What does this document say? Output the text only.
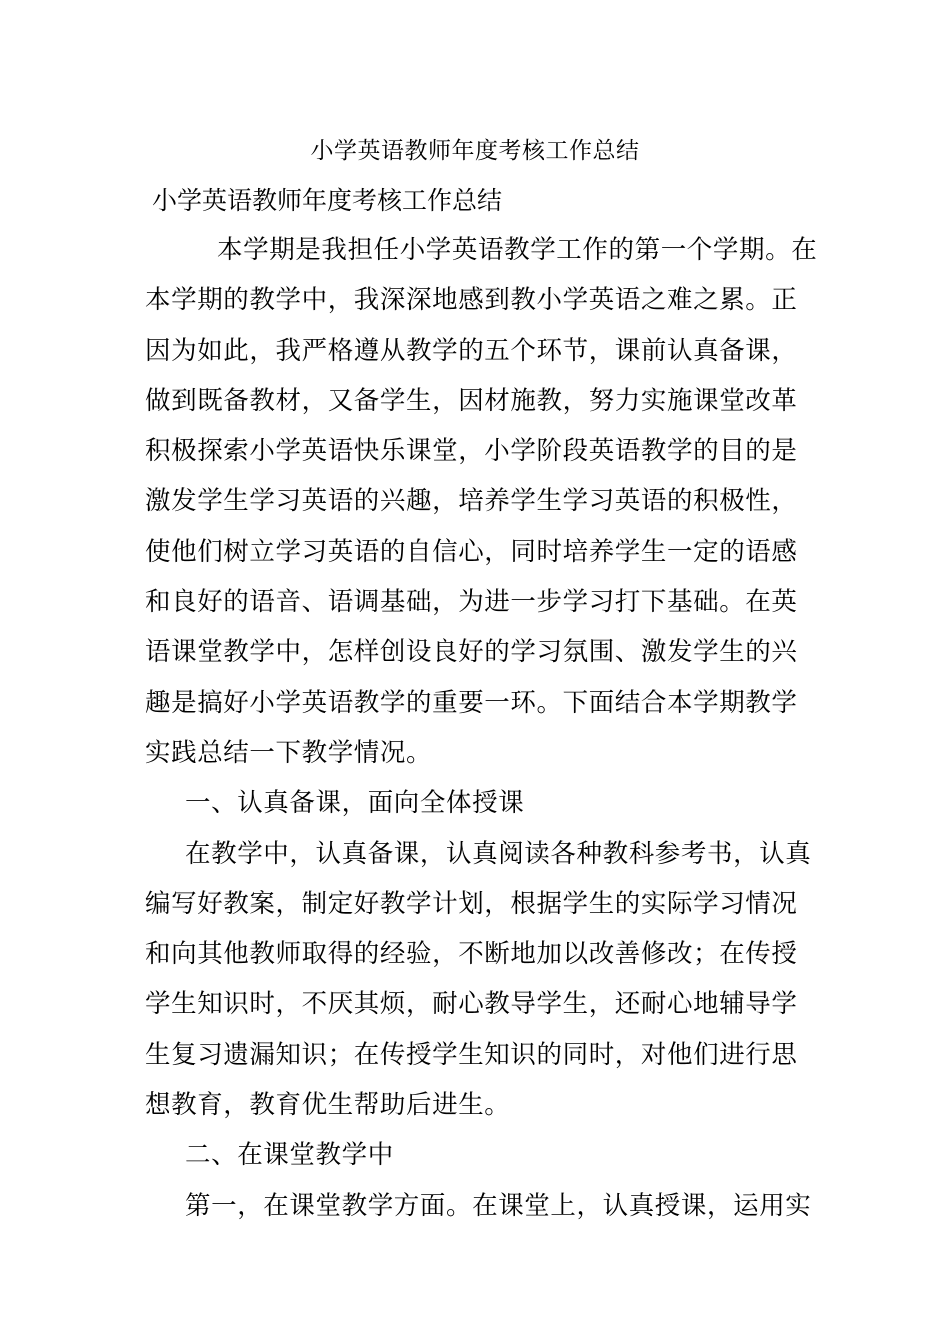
小学英语教师年度考核工作总结
小学英语教师年度考核工作总结
本学期是我担任小学英语教学工作的第一个学期。在
本学期的教学中，我深深地感到教小学英语之难之累。正
因为如此，我严格遵从教学的五个环节，课前认真备课，
做到既备教材，又备学生，因材施教，努力实施课堂改革
积极探索小学英语快乐课堂，小学阶段英语教学的目的是
激发学生学习英语的兴趣，培养学生学习英语的积极性，
使他们树立学习英语的自信心，同时培养学生一定的语感
和良好的语音、语调基础，为进一步学习打下基础。在英
语课堂教学中，怎样创设良好的学习氛围、激发学生的兴
趣是搞好小学英语教学的重要一环。下面结合本学期教学
实践总结一下教学情况。
一、认真备课，面向全体授课
在教学中，认真备课，认真阅读各种教科参考书，认真
编写好教案，制定好教学计划，根据学生的实际学习情况
和向其他教师取得的经验，不断地加以改善修改；在传授
学生知识时，不厌其烦，耐心教导学生，还耐心地辅导学
生复习遗漏知识；在传授学生知识的同时，对他们进行思
想教育，教育优生帮助后进生。
二、在课堂教学中
第一，在课堂教学方面。在课堂上，认真授课，运用实
